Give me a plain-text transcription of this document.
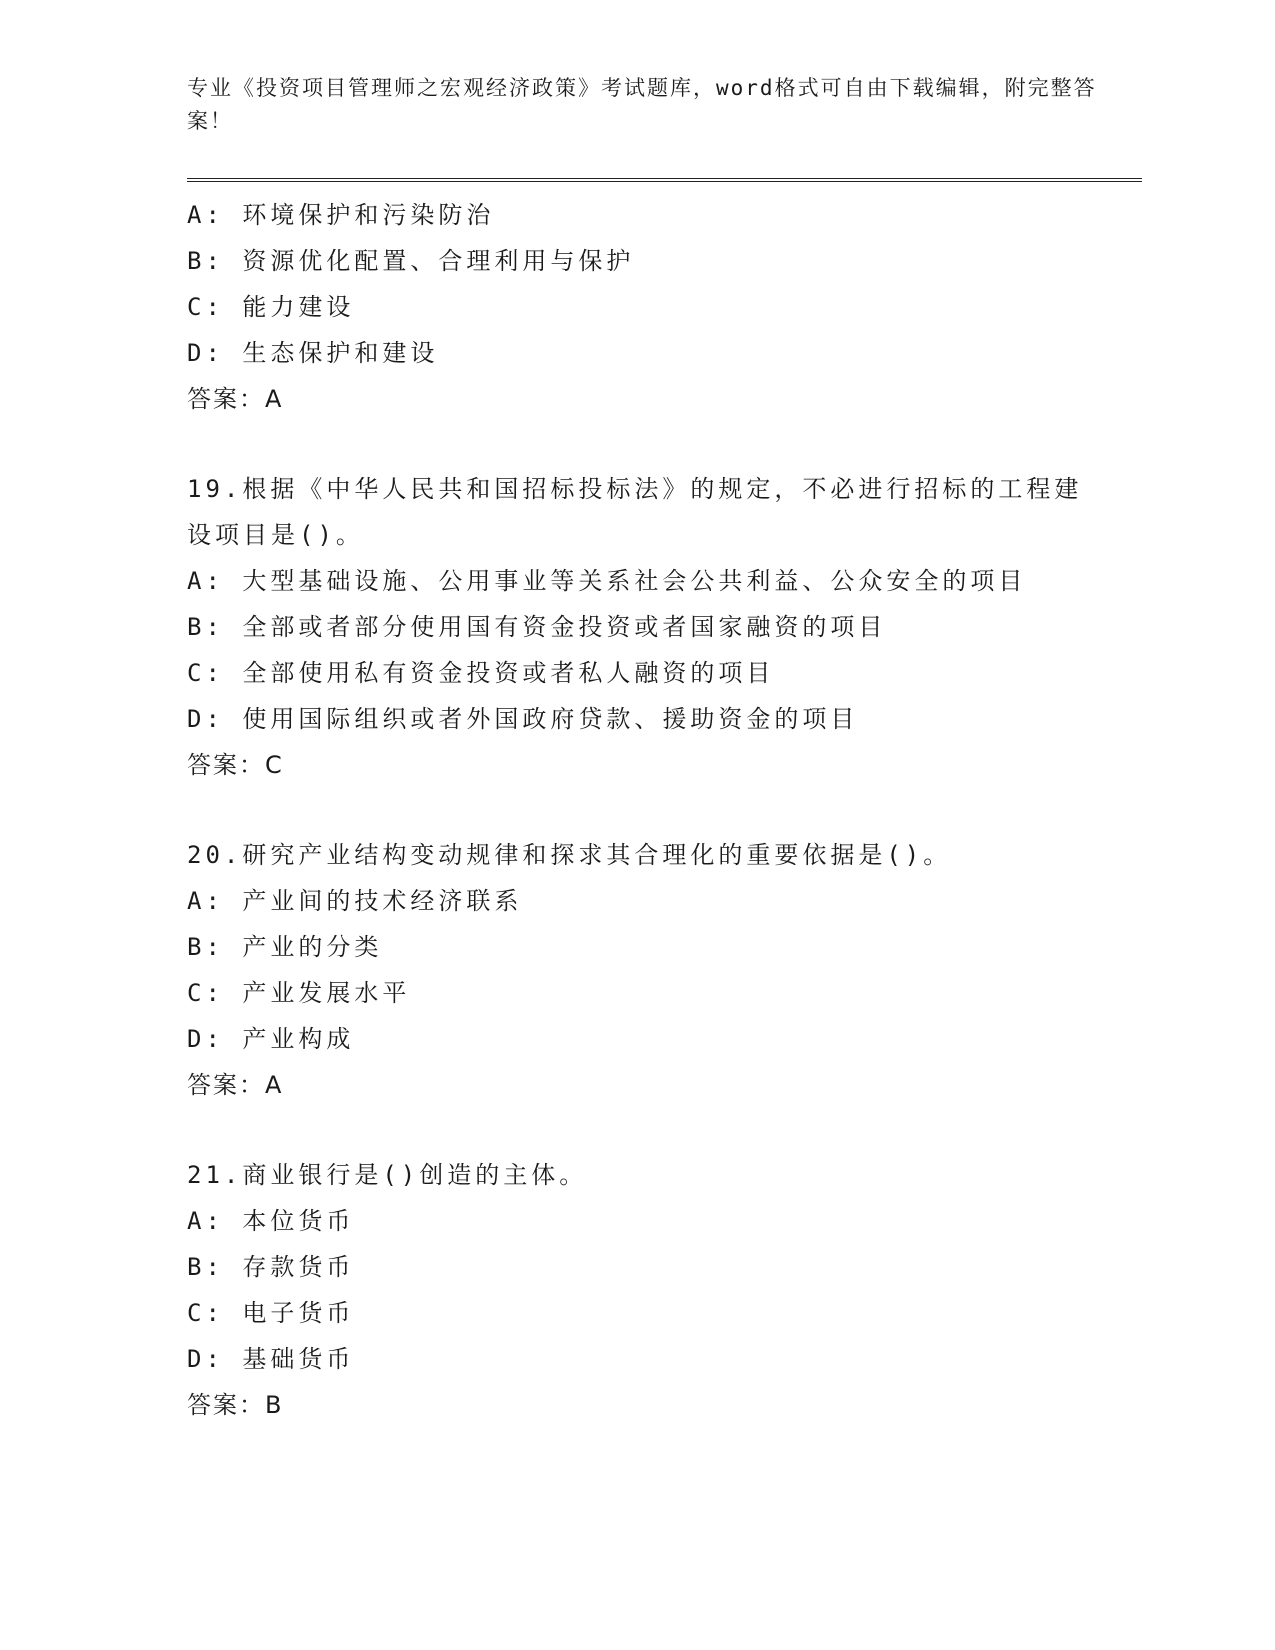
专业《投资项目管理师之宏观经济政策》考试题库，word格式可自由下载编辑，附完整答案！
A: 环境保护和污染防治
B: 资源优化配置、合理利用与保护
C: 能力建设
D: 生态保护和建设
答案：A
19.根据《中华人民共和国招标投标法》的规定，不必进行招标的工程建设项目是()。
A: 大型基础设施、公用事业等关系社会公共利益、公众安全的项目
B: 全部或者部分使用国有资金投资或者国家融资的项目
C: 全部使用私有资金投资或者私人融资的项目
D: 使用国际组织或者外国政府贷款、援助资金的项目
答案：C
20.研究产业结构变动规律和探求其合理化的重要依据是()。
A: 产业间的技术经济联系
B: 产业的分类
C: 产业发展水平
D: 产业构成
答案：A
21.商业银行是()创造的主体。
A: 本位货币
B: 存款货币
C: 电子货币
D: 基础货币
答案：B
